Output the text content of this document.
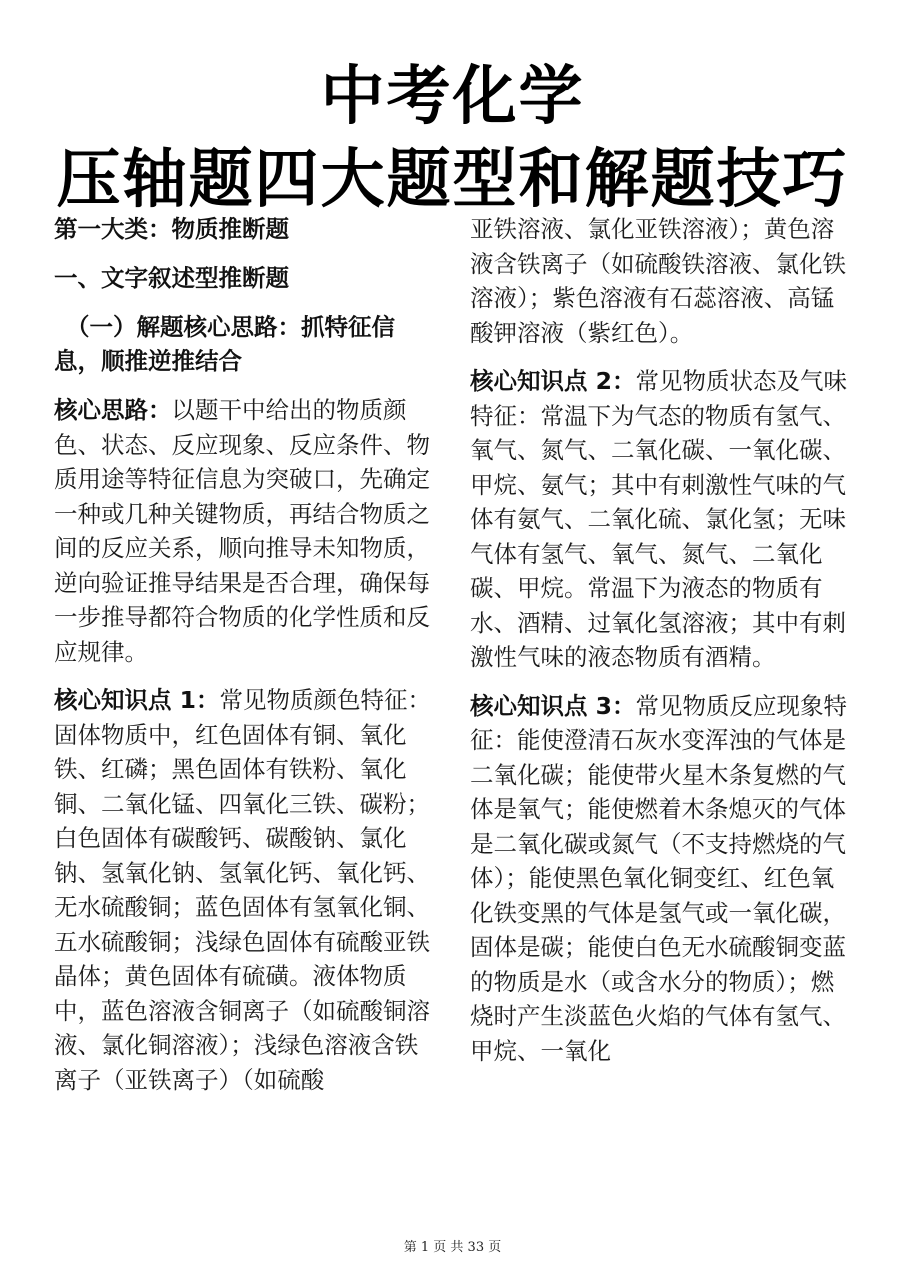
中考化学
压轴题四大题型和解题技巧
第一大类：物质推断题
一、文字叙述型推断题
（一）解题核心思路：抓特征信
息，顺推逆推结合

核心思路：以题干中给出的物质颜色、状态、反应现象、反应条件、物质用途等特征信息为突破口，先确定一种或几种关键物质，再结合物质之间的反应关系，顺向推导未知物质，逆向验证推导结果是否合理，确保每一步推导都符合物质的化学性质和反应规律。

核心知识点 1：常见物质颜色特征：固体物质中，红色固体有铜、氧化铁、红磷；黑色固体有铁粉、氧化铜、二氧化锰、四氧化三铁、碳粉；白色固体有碳酸钙、碳酸钠、氯化钠、氢氧化钠、氢氧化钙、氧化钙、无水硫酸铜；蓝色固体有氢氧化铜、五水硫酸铜；浅绿色固体有硫酸亚铁晶体；黄色固体有硫磺。液体物质中，蓝色溶液含铜离子（如硫酸铜溶液、氯化铜溶液）；浅绿色溶液含铁离子（亚铁离子）（如硫酸

亚铁溶液、氯化亚铁溶液）；黄色溶液含铁离子（如硫酸铁溶液、氯化铁溶液）；紫色溶液有石蕊溶液、高锰酸钾溶液（紫红色）。

核心知识点 2：常见物质状态及气味特征：常温下为气态的物质有氢气、氧气、氮气、二氧化碳、一氧化碳、甲烷、氨气；其中有刺激性气味的气体有氨气、二氧化硫、氯化氢；无味气体有氢气、氧气、氮气、二氧化碳、甲烷。常温下为液态的物质有水、酒精、过氧化氢溶液；其中有刺激性气味的液态物质有酒精。

核心知识点 3：常见物质反应现象特征：能使澄清石灰水变浑浊的气体是二氧化碳；能使带火星木条复燃的气体是氧气；能使燃着木条熄灭的气体是二氧化碳或氮气（不支持燃烧的气体）；能使黑色氧化铜变红、红色氧化铁变黑的气体是氢气或一氧化碳，固体是碳；能使白色无水硫酸铜变蓝的物质是水（或含水分的物质）；燃烧时产生淡蓝色火焰的气体有氢气、甲烷、一氧化

第 1 页 共 33 页
